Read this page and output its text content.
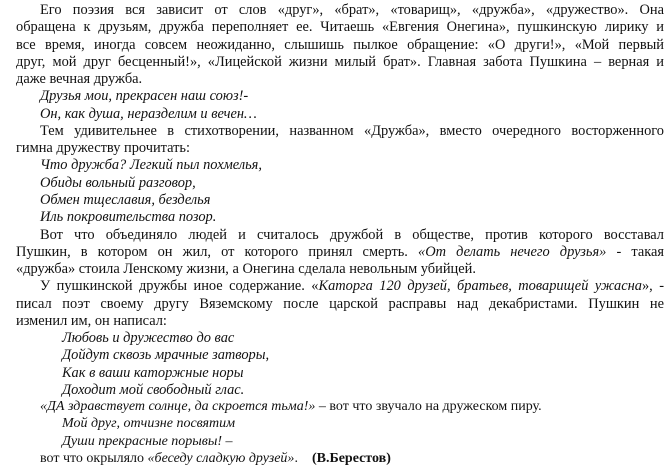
Его поэзия вся зависит от слов «друг», «брат», «товарищ», «дружба», «дружество». Она
обращена к друзьям, дружба переполняет ее. Читаешь «Евгения Онегина», пушкинскую лирику и
все время, иногда совсем неожиданно, слышишь пылкое обращение: «О други!», «Мой первый
друг, мой друг бесценный!», «Лицейской жизни милый брат». Главная забота Пушкина – верная и
даже вечная дружба.
Друзья мои, прекрасен наш союз!-
Он, как душа, неразделим и вечен…
Тем удивительнее в стихотворении, названном «Дружба», вместо очередного восторженного
гимна дружеству прочитать:
Что дружба? Легкий пыл похмелья,
Обиды вольный разговор,
Обмен тщеславия, безделья
Иль покровительства позор.
Вот что объединяло людей и считалось дружбой в обществе, против которого восставал
Пушкин, в котором он жил, от которого принял смерть. «От делать нечего друзья» - такая
«дружба» стоила Ленскому жизни, а Онегина сделала невольным убийцей.
У пушкинской дружбы иное содержание. «Каторга 120 друзей, братьев, товарищей ужасна», -
писал поэт своему другу Вяземскому после царской расправы над декабристами. Пушкин не
изменил им, он написал:
Любовь и дружество до вас
Дойдут сквозь мрачные затворы,
Как в ваши каторжные норы
Доходит мой свободный глас.
«ДА здравствует солнце, да скроется тьма!» – вот что звучало на дружеском пиру.
Мой друг, отчизне посвятим
Души прекрасные порывы! –
вот что окрыляло «беседу сладкую друзей». (В.Берестов)
